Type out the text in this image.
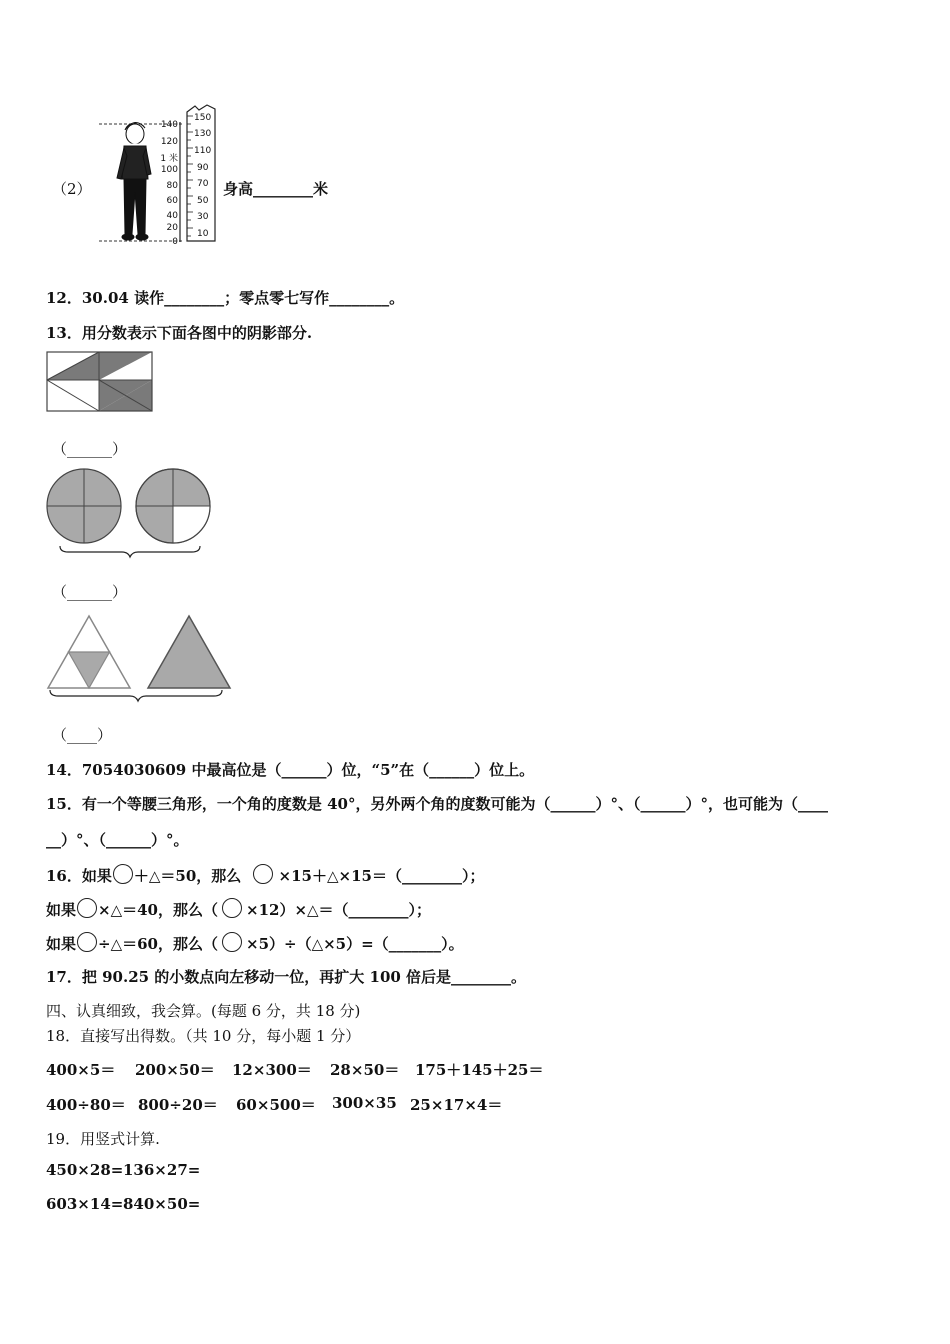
（2）
140
120
1 米
100
80
60
40
20
0
150
130
110
90
70
50
30
10
身高________米
12．30.04 读作________；零点零七写作________。
13．用分数表示下面各图中的阴影部分.
（______）
（______）
（____）
14．7054030609 中最高位是（______）位，“5”在（______）位上。
15．有一个等腰三角形，一个角的度数是 40°，另外两个角的度数可能为（______）°、（______）°，也可能为（____
__）°、（______）°。
16．如果 ＋△＝50，那么 ×15＋△×15＝（________）；
如果 ×△＝40，那么（ ×12）×△＝（________）；
如果 ÷△＝60，那么（ ×5）÷（△×5）=（_______）。
17．把 90.25 的小数点向左移动一位，再扩大 100 倍后是________。
四、认真细致，我会算。(每题 6 分，共 18 分)
18．直接写出得数。（共 10 分，每小题 1 分）
400×5＝ 200×50＝ 12×300＝ 28×50＝ 175＋145＋25＝
400÷80＝ 800÷20＝ 60×500＝ 300×35 25×17×4＝
19．用竖式计算.
450×28= 136×27=
603×14= 840×50=
